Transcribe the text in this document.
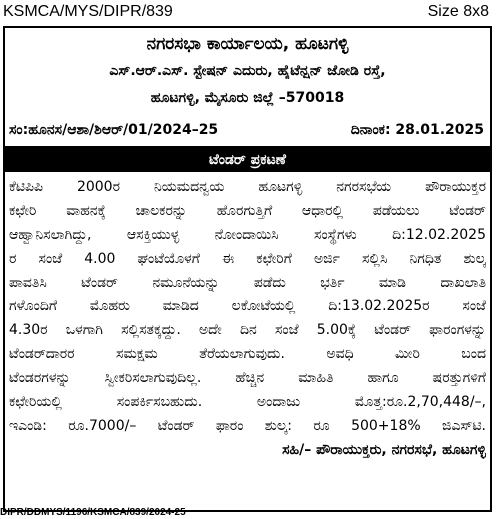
KSMCA/MYS/DIPR/839	Size 8x8
ನಗರಸಭಾ ಕಾರ್ಯಾಲಯ, ಹೂಟಗಳ್ಳಿ
ಎಸ್.ಆರ್.ಎಸ್. ಸ್ಟೇಷನ್ ಎದುರು, ಹೈಟೆನ್ಷನ್ ಜೋಡಿ ರಸ್ತೆ,
ಹೂಟಗಳ್ಳಿ, ಮೈಸೂರು ಜಿಲ್ಲೆ –570018
ಸಂ:ಹೂನಸ/ಆಶಾ/ಶಿಆರ್/01/2024–25	ದಿನಾಂಕ: 28.01.2025
ಟೆಂಡರ್ ಪ್ರಕಟಣೆ
ಕೆಟಿಪಿಪಿ 2000ರ ನಿಯಮದನ್ವಯ ಹೂಟಗಳ್ಳಿ ನಗರಸಭೆಯ ಪೌರಾಯುಕ್ತರ
ಕಛೇರಿ ವಾಹನಕ್ಕೆ ಚಾಲಕರನ್ನು ಹೊರಗುತ್ತಿಗೆ ಆಧಾರಲ್ಲಿ ಪಡೆಯಲು ಟೆಂಡರ್
ಆಹ್ವಾನಿಸಲಾಗಿದ್ದು, ಆಸಕ್ತಿಯುಳ್ಳ ನೋಂದಾಯಿಸಿ ಸಂಸ್ಥೆಗಳು ದಿ:12.02.2025
ರ ಸಂಜೆ 4.00 ಘಂಟೆಯೊಳಗೆ ಈ ಕಛೇರಿಗೆ ಅರ್ಜಿ ಸಲ್ಲಿಸಿ ನಿಗಧಿತ ಶುಲ್ಕ
ಪಾವತಿಸಿ ಟೆಂಡರ್ ನಮೂನೆಯನ್ನು ಪಡೆದು ಭರ್ತಿ ಮಾಡಿ ದಾಖಲಾತಿ
ಗಳೊಂದಿಗೆ ಮೊಹರು ಮಾಡಿದ ಲಕೋಟೆಯಲ್ಲಿ ದಿ:13.02.2025ರ ಸಂಜೆ
4.30ರ ಒಳಗಾಗಿ ಸಲ್ಲಿಸತಕ್ಕದ್ದು. ಅದೇ ದಿನ ಸಂಜೆ 5.00ಕ್ಕೆ ಟೆಂಡರ್ ಫಾರಂಗಳನ್ನು
ಟೆಂಡರ್‌ದಾರರ ಸಮಕ್ಷಮ ತೆರೆಯಲಾಗುವುದು. ಅವಧಿ ಮೀರಿ ಬಂದ
ಟೆಂಡರಗಳನ್ನು ಸ್ವೀಕರಿಸಲಾಗುವುದಿಲ್ಲ. ಹೆಚ್ಚಿನ ಮಾಹಿತಿ ಹಾಗೂ ಷರತ್ತುಗಳಿಗೆ
ಕಛೇರಿಯಲ್ಲಿ ಸಂಪರ್ಕಿಸಬಹುದು. ಅಂದಾಜು ಮೊತ್ತ:ರೂ.2,70,448/–,
ಇಎಂಡಿ: ರೂ.7000/– ಟೆಂಡರ್ ಫಾರಂ ಶುಲ್ಕ: ರೂ 500+18% ಜಿಎಸ್‌ಟಿ.
ಸಹಿ/– ಪೌರಾಯುಕ್ತರು, ನಗರಸಭೆ, ಹೂಟಗಳ್ಳಿ
DIPR/DDMYS/1196/KSMCA/839/2024-25
